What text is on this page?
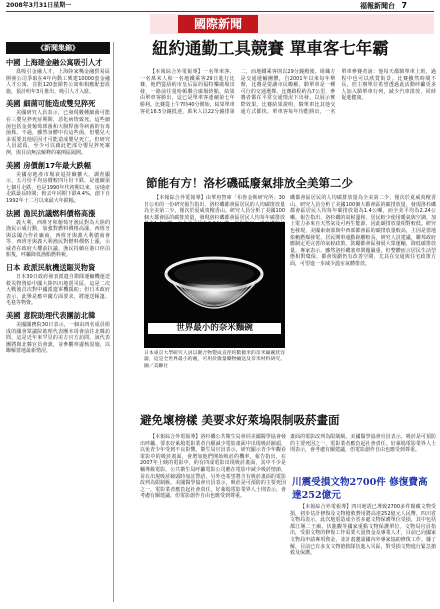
2008年3月31日星期一	福報新聞台 7
國際新聞
《新聞集錦》
中國 上海建金融公寓吸引人才
爲吸引金融人才，上海陸家嘴金融貿易區開發公司爭取在4年內動工興建10000套金融人才公寓，首批120套銷售公寓和相應配套設施，預計明年3月推出，吸引人才入駐。
美國 細菌可能造成雙兒猝死
美國研究人員表示，已發現數種細菌可能在三嬰兒猝死症期間，惡化病情致死。這些細菌包括金黃葡萄球菌和大腸桿菌等病菌的有毒菌株。不過，雖然身體中有這些菌，但嬰兒大多需要其他原因才可能造成嬰兒死亡。但研究人員認爲，至少可以藉此把部分嬰兒猝死案例，與目前無法解釋的案例區隔開。
美國 房價創17年最大跌幅
美國房地產市場衰退持續擴大，調查顯示，五月份平均房價較四月份下跌，是連續第七個月走跌，也是1990年代初期以來，房地產走跌最長時間；較去年同期下跌4.4%，創下自1992年十二月以來最大年跌幅。
法國 漁民抗議燃料價格高漲
義大利、西班牙和葡萄牙漁民對為大陸的漁民示威行動，加強對燃料價格高漲，西班牙與法國合作社廠商，西班牙與義大利總商會等，西班牙與義大利漁民對燃料價格上漲，示威者在政府大樓前抗議，漁民持續在港口停泊船隻，呼籲降低漁船燃料稅。
日本 政派民航機送賑災物資
日本30日政府發表派遣自衛隊運輸機運送救災物資給中國大陸四川地震災區，這是二次大戰後首次對中國派遣軍機援助；但日本政府表示，此舉是應中國方面要求，將運送帳篷、毛毯等物資。
美國 意院助理代表團訪北韓
美國國務院30日表示，一個由四名成員組成的國會眾議院助理代表團本周會前往北韓訪問，這是近年來罕見的美方官方訪問。該代表團將與北韓官員會談，並參觀寧邊核設施，以瞭解當地最新情況。
紐約通勤工具競賽 單車客七年霸

【本報綜合外電報導】一名單車客、一名萬米人和一名地鐵乘客29日進行比賽，他們從紐約市皇后區的福特樂廣場出發，一路前往曼哈頓聯合廣場終點，結果由單車客勝出，這已是單車客連續第七年勝利。比賽從上午7時40分開始，結果單車客花16.5分鐘抵達，萬米人以22分鐘排第二，而地鐵乘客則以29分鐘殿後。組織方是交通運輸團體，自2001年以來每年舉辦，比賽是要讓市民瞭解，騎單車是一種可行的交通選擇。比賽路程約為7公里，參賽者都在平常交通情況下出發，以展示實際效果。比賽結果證明，騎單車比其他交通方式都快。單車客每年均能勝出，一名單車參賽者說：他每天都騎單車上班，過程中也可以欣賞街景。比賽雖然時間不長，但主辦單位希望透過此活動呼籲更多人加入騎單車行列，減少汽車排放，同時促進健康。

節能有方！洛杉磯砥廢氣排放全美第二少

【本報綜合外電報導】由華府智庫「布魯金斯研究所」30日公布的一份研究報告指出，洛杉磯都會區居民的人均碳排放量為全美第二少，僅次於夏威夷檀香山。研究人員分析了美國100個大都會區的碳排放量，發現洛杉磯都會區居民人均每年碳排放

磯都會區居民的人均碳排放量為全美第二少，僅次於夏威夷檀香山。研究人員分析了美國100個大都會區的碳排放量，發現洛杉磯都會區居民人均每年碳排放量為1.4公噸，而全美平均為2.24公噸。報告指出，洛杉磯的氣候溫和，居民較少使用暖氣與空調，加上電力多來自天然氣及可再生能源，因此碳排放量相對較低。研究也發現，美國東南部與中西部都會區的碳排放量較高，主因是當地依賴燃煤發電，居民開車通勤距離較長。研究人員建議，聯邦政府應制定更完善的氣候政策，鼓勵都會區發展大眾運輸，降低碳排放量。專家表示，雖然洛杉磯塞車問題嚴重，但整體而言居民生活型態相對環保，都會規劃仍有改善空間，尤其在交通與住宅政策方面，可望進一步減少溫室氣體排放。

世界最小的奈米麵碗

日本東京大學研究人員以聚合物製成直徑約數微米的奈米級碗狀容器，這是全世界最小的碗，可用於微量藥物輸送及奈米材料研究。圖／美聯社

避免壞榜樣 美要求好萊塢限制吸菸畫面

【本報綜合外電報導】洛杉磯公共衛生局會同美國醫學協會發出呼籲，要求好萊塢電影業者自願減少電影畫面中出現吸菸鏡頭，以免青少年受到不良影響。衛生局官員表示，研究顯示青少年觀看電影中的吸菸畫面，會增加他們開始吸菸的機率。報告指出，在2007年上映的電影中，約有四成電影出現吸菸畫面，其中不少是輔導級電影。公共衛生局呼籲電影公司應在電影中減少吸菸情節，並在出現吸菸鏡頭時加註警語，另外也希望將含有吸菸畫面的電影改列為限制級。美國醫學協會官員表示，吸菸是可預防的主要死因之一，電影業者應負起社會責任。好萊塢電影業界人士則表示，會考慮有關建議，但電影創作自由也應受到尊重。

畫面的電影改列為限制級。美國醫學協會官員表示，吸菸是可預防的主要死因之一，電影業者應負起社會責任。好萊塢電影業界人士則表示，會考慮有關建議，但電影創作自由也應受到尊重。

川震受損文物2700件 修復費高達252億元

【本報綜合外電報導】四川地震已導致2700多件館藏文物受損，初步估計修復及文物搶救費用將高達252億元人民幣。四川省文物局表示，此次地震造成全省多處文物保護單位受損，其中包括都江堰二王廟、伏龍觀等國家重點文物保護單位。文物局官員指出，受損文物的修復工作需要大量資金及專業人才，目前已向國家文物局申請專項資金，並計畫邀請國內外專家協助修復工作。據了解，目前已有多支文物搶救隊伍進入災區，對受損文物進行緊急搶救及保護。
